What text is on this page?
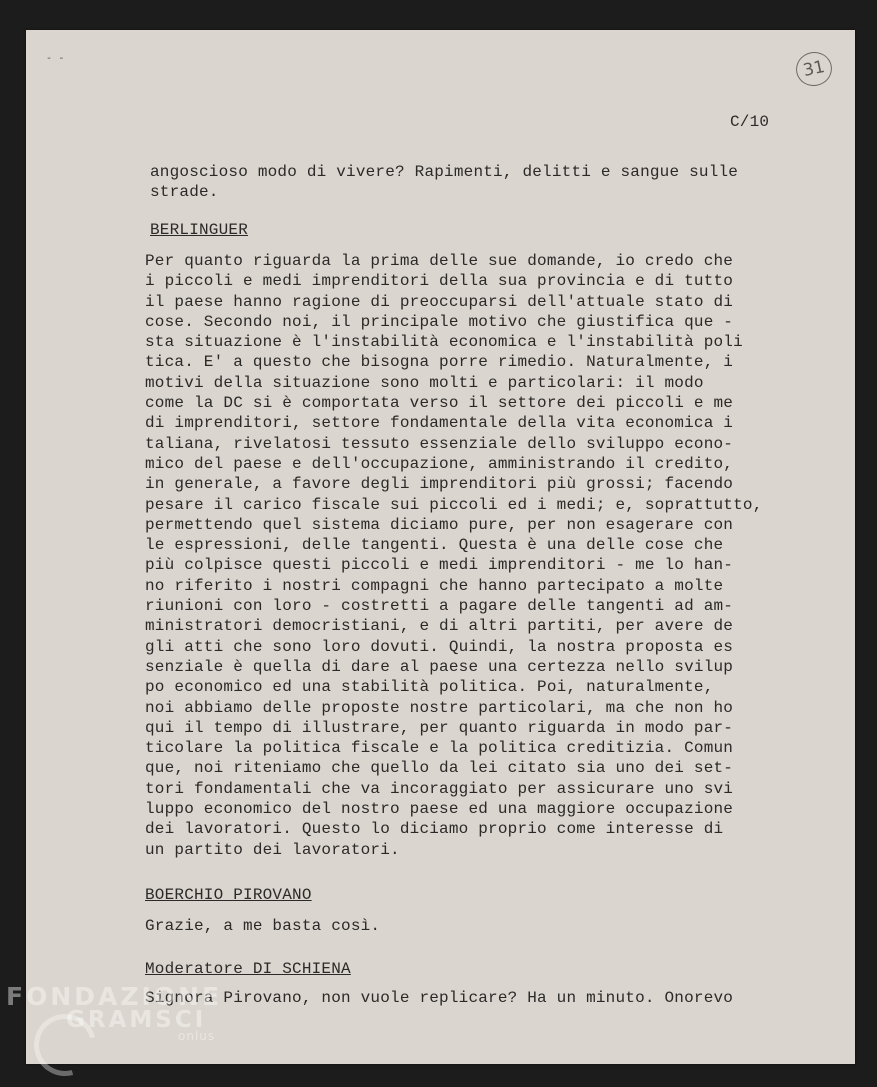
- -	31
C/10
angoscioso modo di vivere? Rapimenti, delitti e sangue sulle
strade.
BERLINGUER
Per quanto riguarda la prima delle sue domande, io credo che
i piccoli e medi imprenditori della sua provincia e di tutto
il paese hanno ragione di preoccuparsi dell'attuale stato di
cose. Secondo noi, il principale motivo che giustifica que -
sta situazione è l'instabilità economica e l'instabilità poli
tica. E' a questo che bisogna porre rimedio. Naturalmente, i
motivi della situazione sono molti e particolari: il modo
come la DC si è comportata verso il settore dei piccoli e me
di imprenditori, settore fondamentale della vita economica i
taliana, rivelatosi tessuto essenziale dello sviluppo econo-
mico del paese e dell'occupazione, amministrando il credito,
in generale, a favore degli imprenditori più grossi; facendo
pesare il carico fiscale sui piccoli ed i medi; e, soprattutto,
permettendo quel sistema diciamo pure, per non esagerare con
le espressioni, delle tangenti. Questa è una delle cose che
più colpisce questi piccoli e medi imprenditori - me lo han-
no riferito i nostri compagni che hanno partecipato a molte
riunioni con loro - costretti a pagare delle tangenti ad am-
ministratori democristiani, e di altri partiti, per avere de
gli atti che sono loro dovuti. Quindi, la nostra proposta es
senziale è quella di dare al paese una certezza nello svilup
po economico ed una stabilità politica. Poi, naturalmente,
noi abbiamo delle proposte nostre particolari, ma che non ho
qui il tempo di illustrare, per quanto riguarda in modo par-
ticolare la politica fiscale e la politica creditizia. Comun
que, noi riteniamo che quello da lei citato sia uno dei set-
tori fondamentali che va incoraggiato per assicurare uno svi
luppo economico del nostro paese ed una maggiore occupazione
dei lavoratori. Questo lo diciamo proprio come interesse di
un partito dei lavoratori.
BOERCHIO PIROVANO
Grazie, a me basta così.
Moderatore DI SCHIENA
Signora Pirovano, non vuole replicare? Ha un minuto. Onorevo
FONDAZIONE
GRAMSCI
onlus
